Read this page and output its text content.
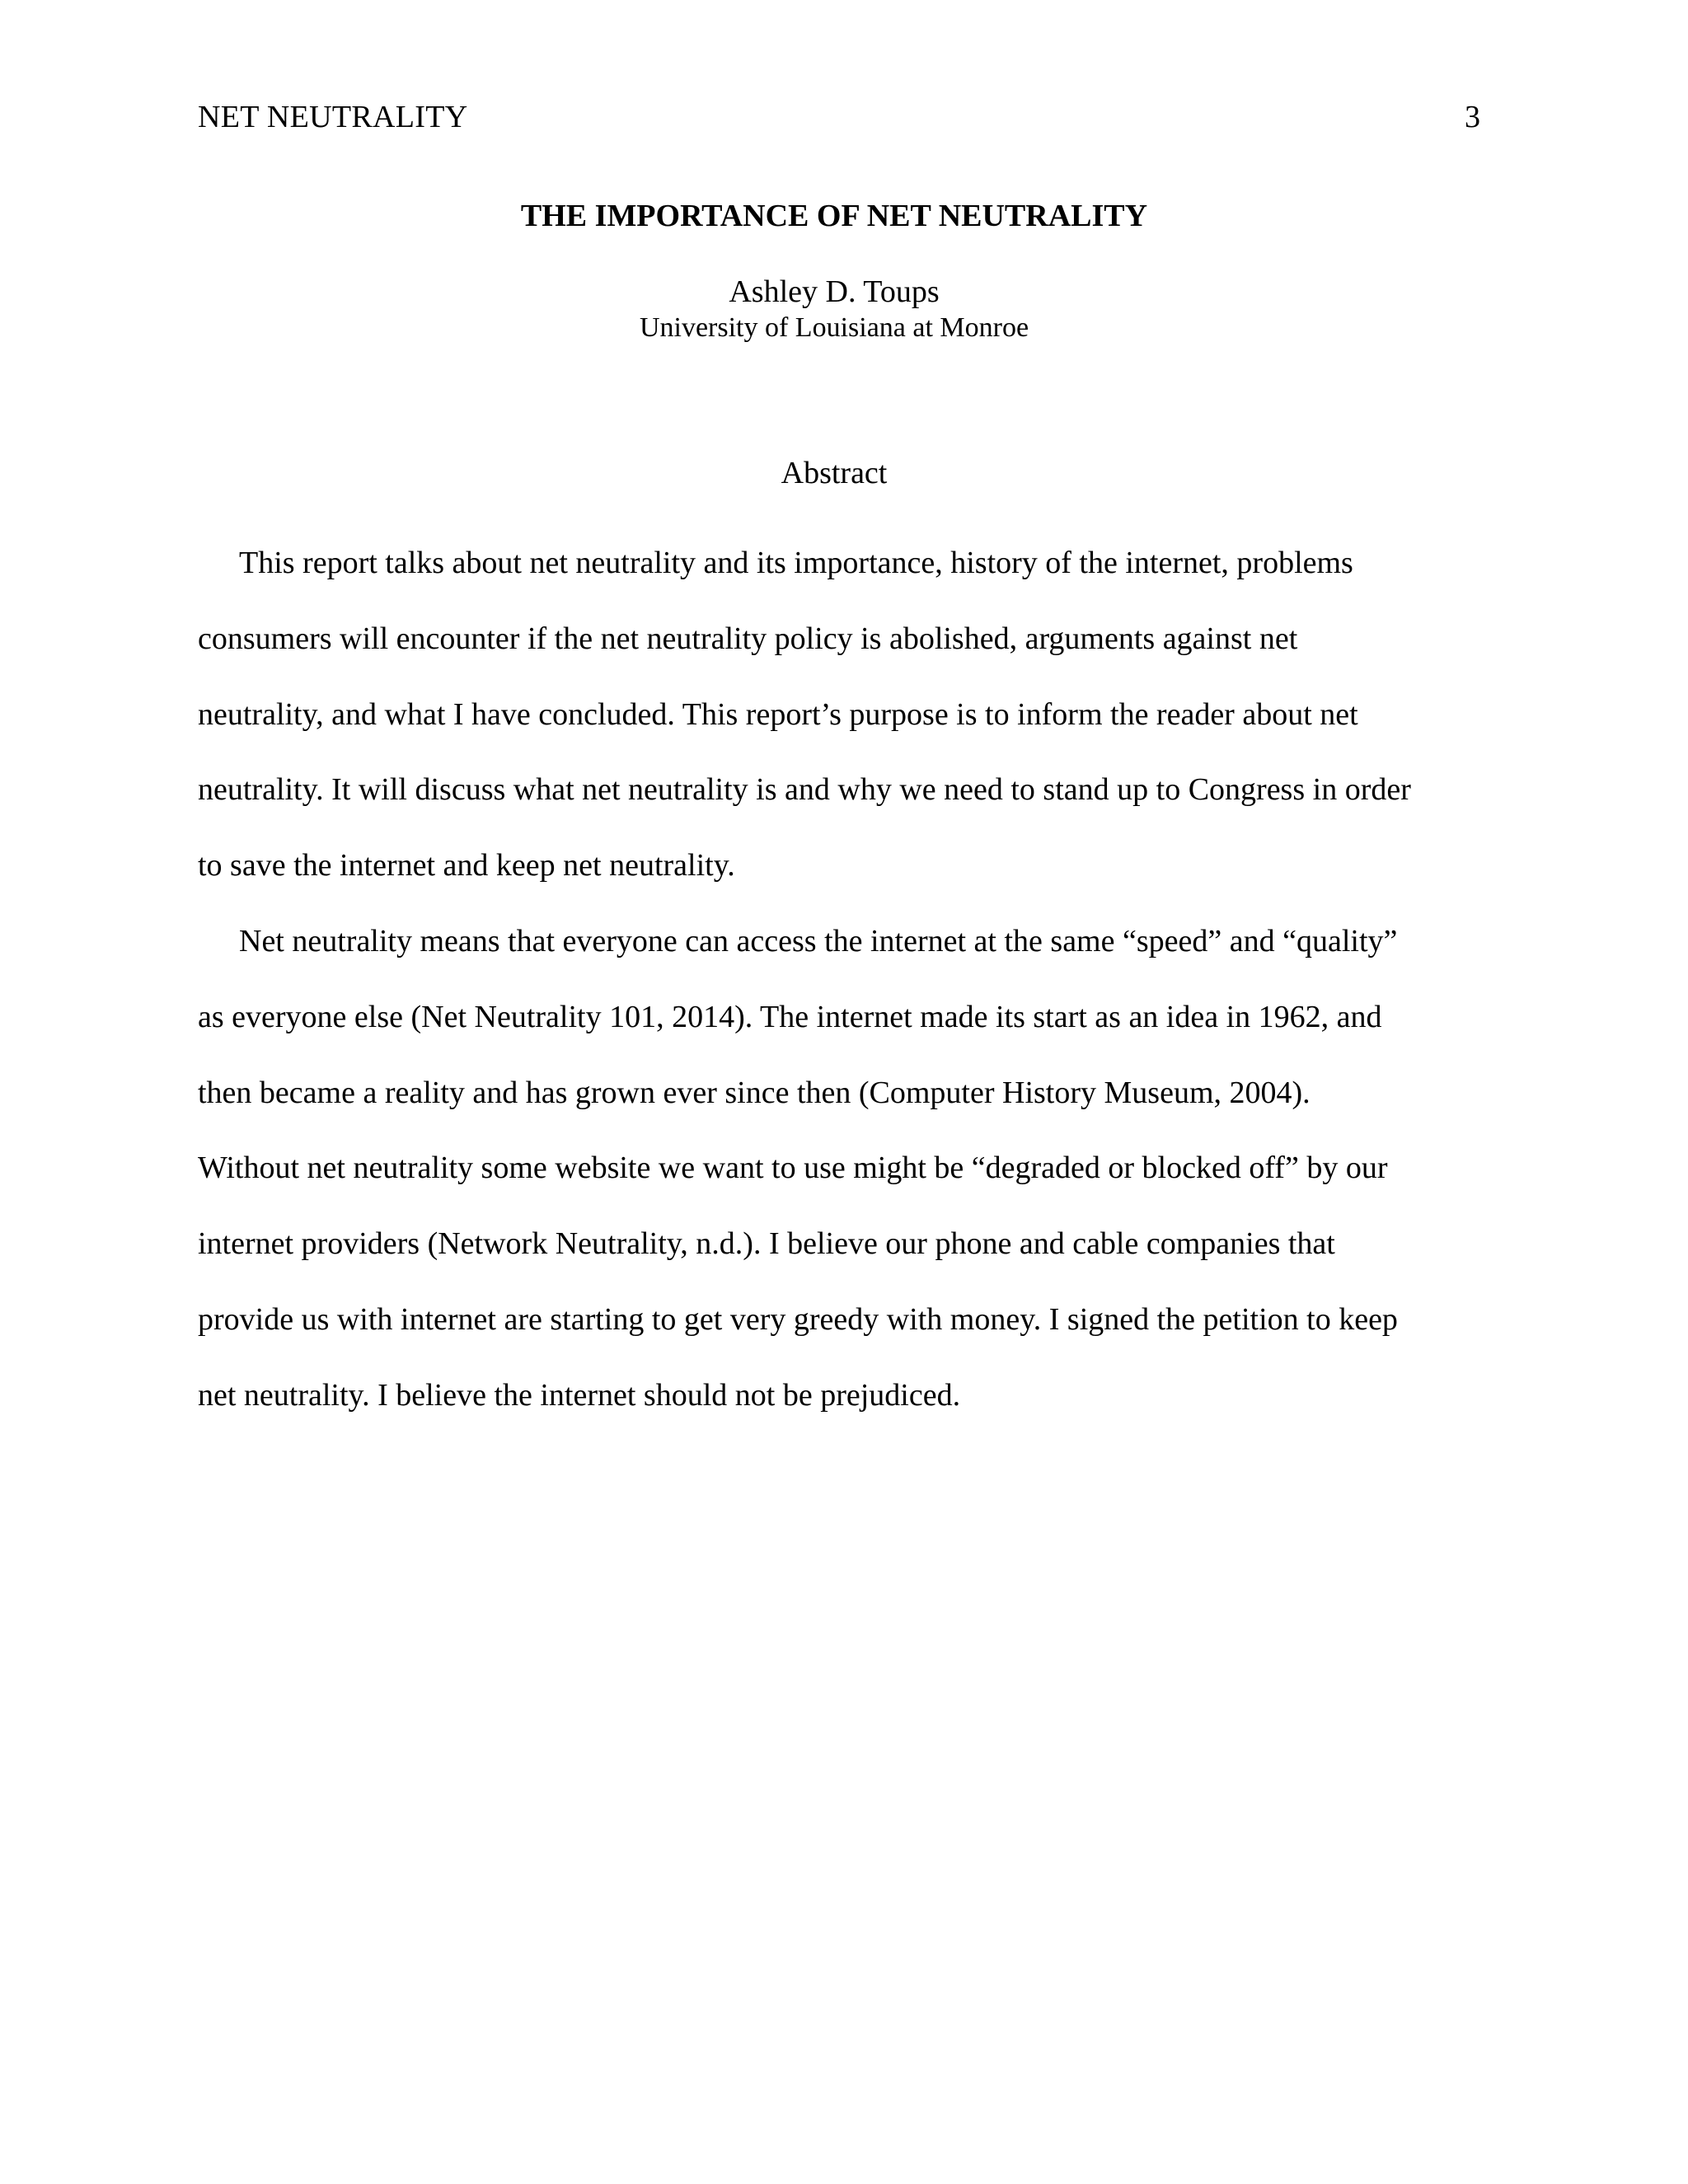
NET NEUTRALITY	3
THE IMPORTANCE OF NET NEUTRALITY
Ashley D. Toups
University of Louisiana at Monroe
Abstract
This report talks about net neutrality and its importance, history of the internet, problems
consumers will encounter if the net neutrality policy is abolished, arguments against net
neutrality, and what I have concluded. This report’s purpose is to inform the reader about net
neutrality. It will discuss what net neutrality is and why we need to stand up to Congress in order
to save the internet and keep net neutrality.
Net neutrality means that everyone can access the internet at the same “speed” and “quality”
as everyone else (Net Neutrality 101, 2014). The internet made its start as an idea in 1962, and
then became a reality and has grown ever since then (Computer History Museum, 2004).
Without net neutrality some website we want to use might be “degraded or blocked off” by our
internet providers (Network Neutrality, n.d.). I believe our phone and cable companies that
provide us with internet are starting to get very greedy with money. I signed the petition to keep
net neutrality. I believe the internet should not be prejudiced.
